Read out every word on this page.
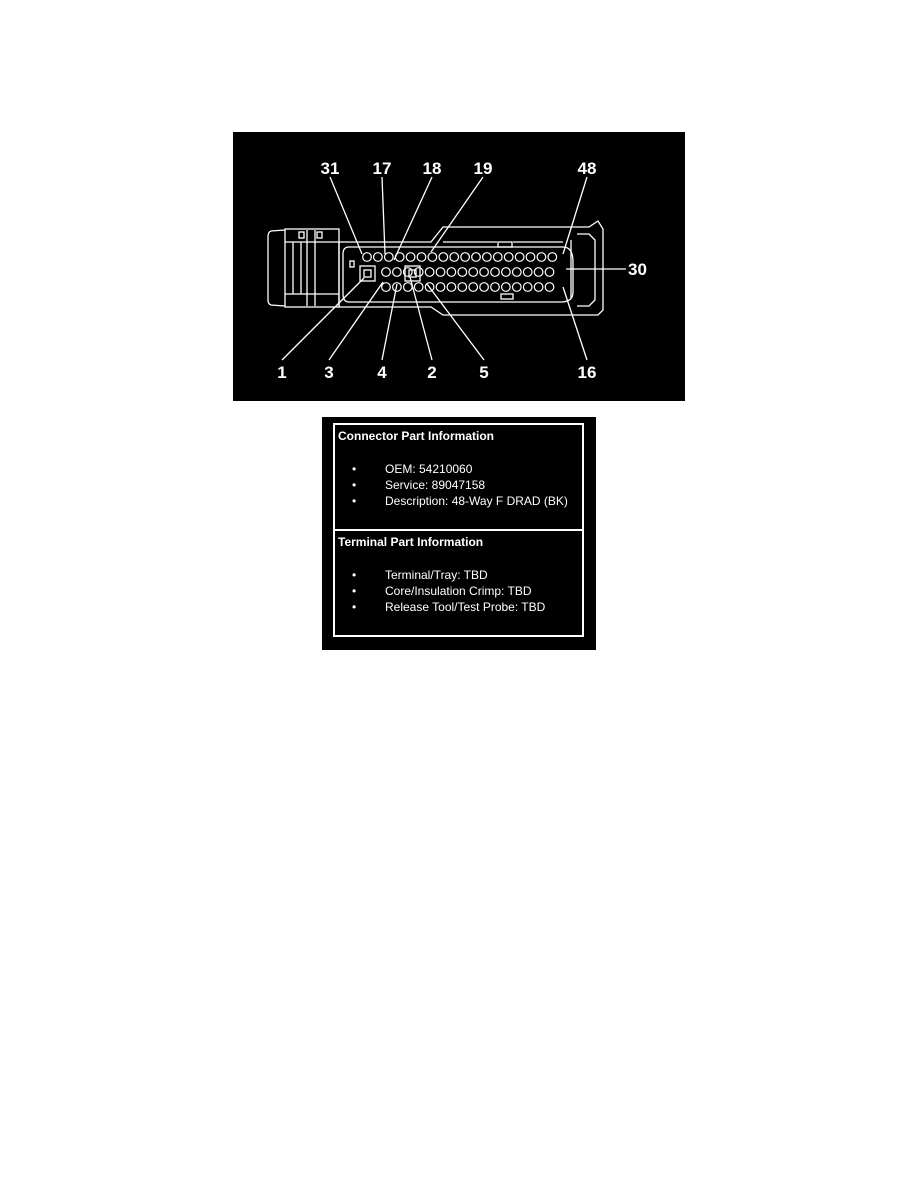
31 17 18 19	48
1 3	4 2	5	16
30
Connector Part Information
• OEM: 54210060
• Service: 89047158
• Description: 48-Way F DRAD (BK)
Terminal Part Information
• Terminal/Tray: TBD
• Core/Insulation Crimp: TBD
• Release Tool/Test Probe: TBD
